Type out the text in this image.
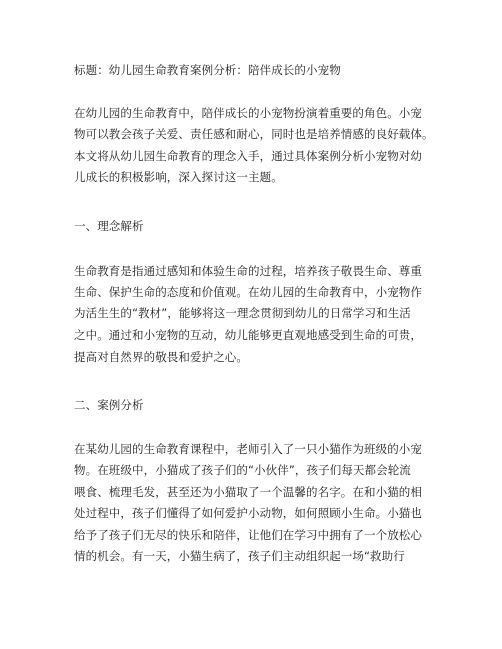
标题：幼儿园生命教育案例分析：陪伴成长的小宠物
在幼儿园的生命教育中，陪伴成长的小宠物扮演着重要的角色。小宠
物可以教会孩子关爱、责任感和耐心，同时也是培养情感的良好载体。
本文将从幼儿园生命教育的理念入手，通过具体案例分析小宠物对幼
儿成长的积极影响，深入探讨这一主题。
一、理念解析
生命教育是指通过感知和体验生命的过程，培养孩子敬畏生命、尊重
生命、保护生命的态度和价值观。在幼儿园的生命教育中，小宠物作
为活生生的“教材”，能够将这一理念贯彻到幼儿的日常学习和生活
之中。通过和小宠物的互动，幼儿能够更直观地感受到生命的可贵，
提高对自然界的敬畏和爱护之心。
二、案例分析
在某幼儿园的生命教育课程中，老师引入了一只小猫作为班级的小宠
物。在班级中，小猫成了孩子们的“小伙伴”，孩子们每天都会轮流
喂食、梳理毛发，甚至还为小猫取了一个温馨的名字。在和小猫的相
处过程中，孩子们懂得了如何爱护小动物，如何照顾小生命。小猫也
给予了孩子们无尽的快乐和陪伴，让他们在学习中拥有了一个放松心
情的机会。有一天，小猫生病了，孩子们主动组织起一场“救助行
